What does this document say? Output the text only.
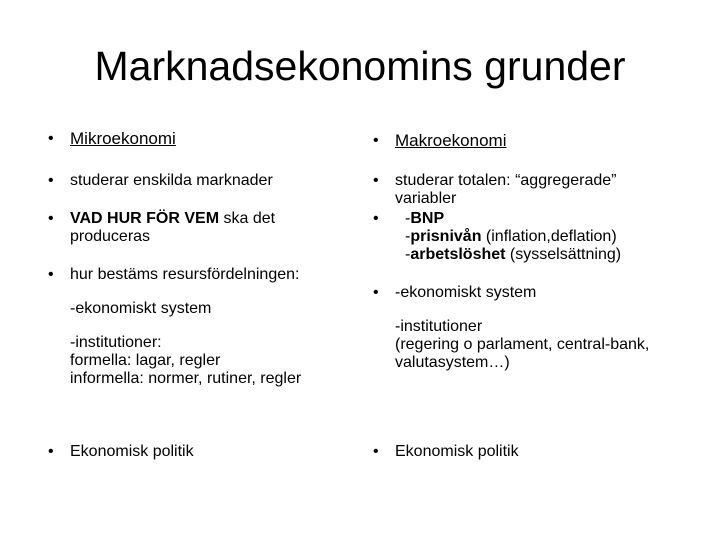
Marknadsekonomins grunder
• Mikroekonomi
•	studerar enskilda marknader
•	VAD HUR FÖR VEM ska det produceras
•	hur bestäms resursfördelningen:
-ekonomiskt system
-institutioner:
formella: lagar, regler
informella: normer, rutiner, regler
•	Ekonomisk politik
• Makroekonomi
•	studerar totalen: “aggregerade” variabler
•	-BNP
-prisnivån (inflation,deflation)
-arbetslöshet (sysselsättning)
•	-ekonomiskt system
-institutioner
(regering o parlament, central-bank, valutasystem…)
•	Ekonomisk politik
